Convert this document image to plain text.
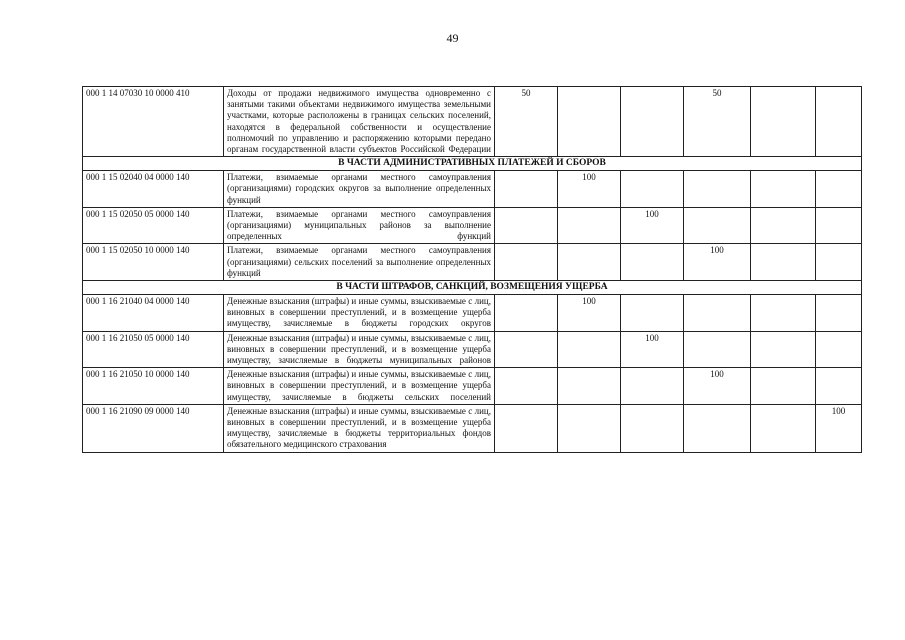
49
000 1 14 07030 10 0000 410	Доходы от продажи недвижимого имущества одновременно с занятыми такими объектами недвижимого имущества земельными участками, которые расположены в границах сельских поселений, находятся в федеральной собственности и осуществление полномочий по управлению и распоряжению которыми передано органам государственной власти субъектов Российской Федерации	50			50		
В ЧАСТИ АДМИНИСТРАТИВНЫХ ПЛАТЕЖЕЙ И СБОРОВ							
000 1 15 02040 04 0000 140	Платежи, взимаемые органами местного самоуправления (организациями) городских округов за выполнение определенных функций		100				
000 1 15 02050 05 0000 140	Платежи, взимаемые органами местного самоуправления (организациями) муниципальных районов за выполнение определенных функций			100			
000 1 15 02050 10 0000 140	Платежи, взимаемые органами местного самоуправления (организациями) сельских поселений за выполнение определенных функций				100		
В ЧАСТИ ШТРАФОВ, САНКЦИЙ, ВОЗМЕЩЕНИЯ УЩЕРБА							
000 1 16 21040 04 0000 140	Денежные взыскания (штрафы) и иные суммы, взыскиваемые с лиц, виновных в совершении преступлений, и в возмещение ущерба имуществу, зачисляемые в бюджеты городских округов		100				
000 1 16 21050 05 0000 140	Денежные взыскания (штрафы) и иные суммы, взыскиваемые с лиц, виновных в совершении преступлений, и в возмещение ущерба имуществу, зачисляемые в бюджеты муниципальных районов			100			
000 1 16 21050 10 0000 140	Денежные взыскания (штрафы) и иные суммы, взыскиваемые с лиц, виновных в совершении преступлений, и в возмещение ущерба имуществу, зачисляемые в бюджеты сельских поселений				100		
000 1 16 21090 09 0000 140	Денежные взыскания (штрафы) и иные суммы, взыскиваемые с лиц, виновных в совершении преступлений, и в возмещение ущерба имуществу, зачисляемые в бюджеты территориальных фондов обязательного медицинского страхования						100
